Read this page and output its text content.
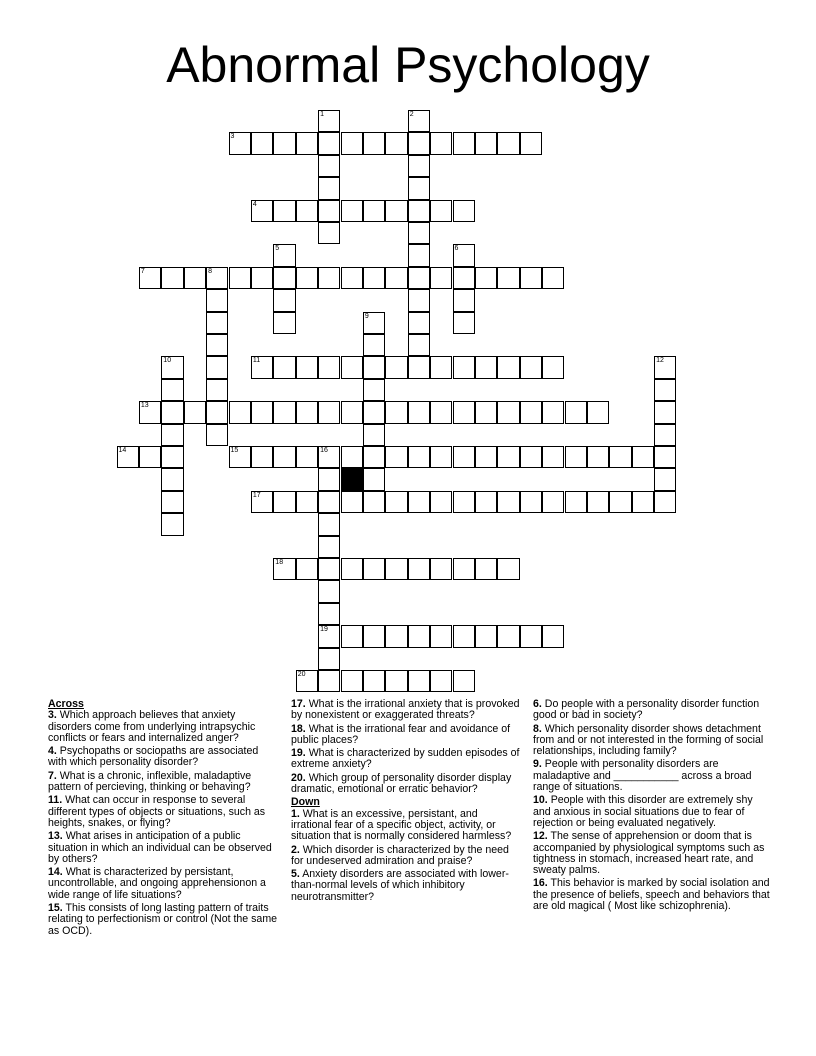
Abnormal Psychology
3
4
7	8
11
13
14	15	16
17
18
19
20
1	2
5	6
9
10	12
Across
3. Which approach believes that anxiety disorders come from underlying intrapsychic conflicts or fears and internalized anger?
4. Psychopaths or sociopaths are associated with which personality disorder?
7. What is a chronic, inflexible, maladaptive pattern of percieving, thinking or behaving?
11. What can occur in response to several different types of objects or situations, such as heights, snakes, or flying?
13. What arises in anticipation of a public situation in which an individual can be observed by others?
14. What is characterized by persistant, uncontrollable, and ongoing apprehensionon a wide range of life situations?
15. This consists of long lasting pattern of traits relating to perfectionism or control (Not the same as OCD).
17. What is the irrational anxiety that is provoked by nonexistent or exaggerated threats?
18. What is the irrational fear and avoidance of public places?
19. What is characterized by sudden episodes of extreme anxiety?
20. Which group of personality disorder display dramatic, emotional or erratic behavior?
Down
1. What is an excessive, persistant, and irrational fear of a specific object, activity, or situation that is normally considered harmless?
2. Which disorder is characterized by the need for undeserved admiration and praise?
5. Anxiety disorders are associated with lower-than-normal levels of which inhibitory neurotransmitter?
6. Do people with a personality disorder function good or bad in society?
8. Which personality disorder shows detachment from and or not interested in the forming of social relationships, including family?
9. People with personality disorders are maladaptive and ___________ across a broad range of situations.
10. People with this disorder are extremely shy and anxious in social situations due to fear of rejection or being evaluated negatively.
12. The sense of apprehension or doom that is accompanied by physiological symptoms such as tightness in stomach, increased heart rate, and sweaty palms.
16. This behavior is marked by social isolation and the presence of beliefs, speech and behaviors that are old magical ( Most like schizophrenia).
